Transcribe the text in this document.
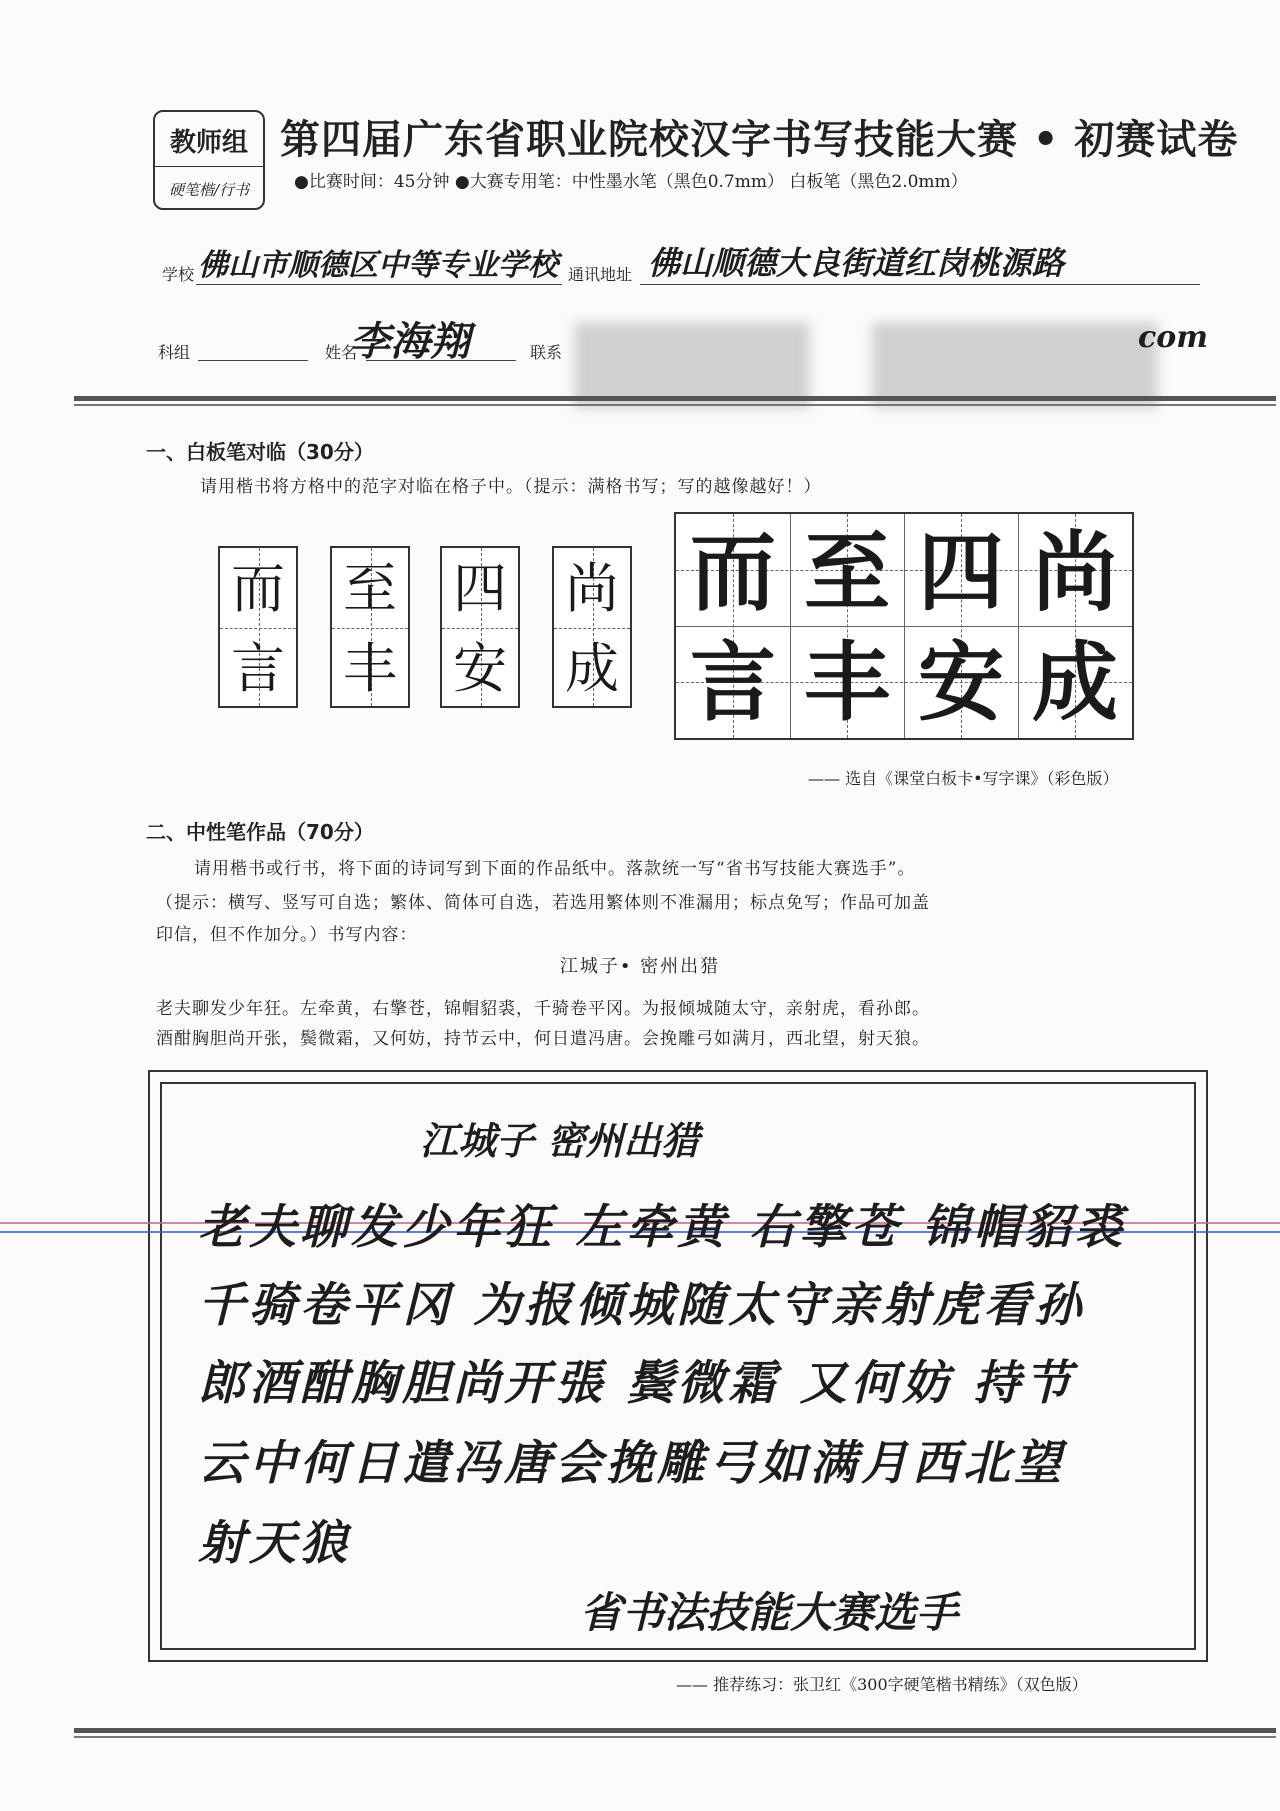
教师组
硬笔楷/行书
第四届广东省职业院校汉字书写技能大赛 • 初赛试卷
●比赛时间：45分钟 ●大赛专用笔：中性墨水笔（黑色0.7mm） 白板笔（黑色2.0mm）
学校 佛山市顺德区中等专业学校 通讯地址 佛山顺德大良街道红岗桃源路
科组	姓名
李海翔	联系	com
一、白板笔对临（30分）
请用楷书将方格中的范字对临在格子中。（提示：满格书写；写的越像越好！）
而
言
至
丰
四
安
尚
成
而 至 四 尚
言 丰 安 成
—— 选自《课堂白板卡•写字课》（彩色版）
二、中性笔作品（70分）
请用楷书或行书，将下面的诗词写到下面的作品纸中。落款统一写“省书写技能大赛选手”。
（提示：横写、竖写可自选；繁体、简体可自选，若选用繁体则不准漏用；标点免写；作品可加盖
印信，但不作加分。）书写内容：
江城子• 密州出猎
老夫聊发少年狂。左牵黄，右擎苍，锦帽貂裘，千骑卷平冈。为报倾城随太守，亲射虎，看孙郎。
酒酣胸胆尚开张，鬓微霜，又何妨，持节云中，何日遣冯唐。会挽雕弓如满月，西北望，射天狼。
江城子 密州出猎
老夫聊发少年狂 左牵黄 右擎苍 锦帽貂裘
千骑卷平冈 为报倾城随太守亲射虎看孙
郎酒酣胸胆尚开張 鬓微霜 又何妨 持节
云中何日遣冯唐会挽雕弓如满月西北望
射天狼
省书法技能大赛选手
—— 推荐练习：张卫红《300字硬笔楷书精练》（双色版）
